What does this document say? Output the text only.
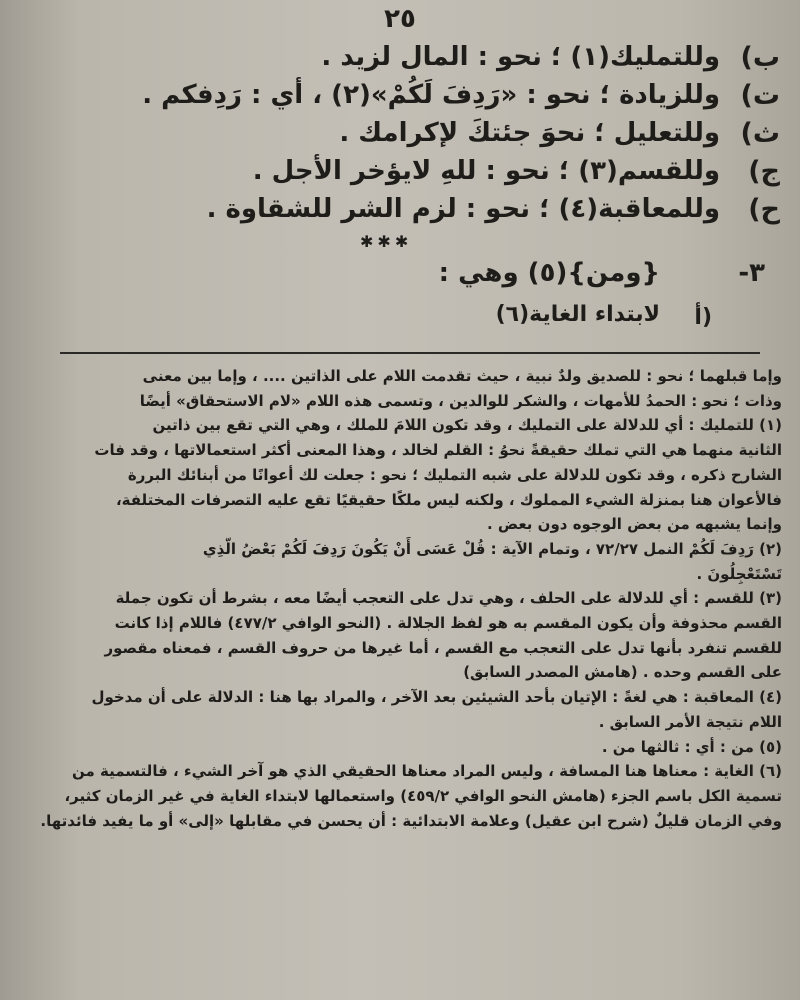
٢٥
ب)
وللتمليك(١) ؛ نحو : المال لزيد .
ت)
وللزيادة ؛ نحو : «رَدِفَ لَكُمْ»(٢) ، أي : رَدِفكم .
ث)
وللتعليل ؛ نحوَ جئتكَ لإكرامك .
ج)
وللقسم(٣) ؛ نحو : للهِ لايؤخر الأجل .
ح)
وللمعاقبة(٤) ؛ نحو : لزم الشر للشقاوة .
✱✱✱
-٣
{ومن}(٥) وهي :
أ)
لابتداء الغاية(٦)
وإما قبلهما ؛ نحو : للصديق ولدٌ نبية ، حيث تقدمت اللام على الذاتين .... ، وإما بين معنى
وذات ؛ نحو : الحمدُ للأمهات ، والشكر للوالدين ، وتسمى هذه اللام «لام الاستحقاق» أيضًا
(١) للتمليك : أي للدلالة على التمليك ، وقد تكون اللامَ للملك ، وهي التي تقع بين ذاتين
الثانية منهما هي التي تملك حقيقةً نحوُ : القلم لخالد ، وهذا المعنى أكثر استعمالاتها ، وقد فات
الشارح ذكره ، وقد تكون للدلالة على شبه التمليك ؛ نحو : جعلت لك أعوانًا من أبنائك البررة
فالأعوان هنا بمنزلة الشيء المملوك ، ولكنه ليس ملكًا حقيقيًا تقع عليه التصرفات المختلفة،
وإنما يشبهه من بعض الوجوه دون بعض .
(٢) رَدِفَ لَكُمْ النمل ٧٢/٢٧ ، وتمام الآية : قُلْ عَسَى أَنْ يَكُونَ رَدِفَ لَكُمْ بَعْضُ الَّذِي
تَسْتَعْجِلُونَ .
(٣) للقسم : أي للدلالة على الحلف ، وهي تدل على التعجب أيضًا معه ، بشرط أن تكون جملة
القسم محذوفة وأن يكون المقسم به هو لفظ الجلالة . (النحو الوافي ٤٧٧/٢) فاللام إذا كانت
للقسم تنفرد بأنها تدل على التعجب مع القسم ، أما غيرها من حروف القسم ، فمعناه مقصور
على القسم وحده . (هامش المصدر السابق)
(٤) المعاقبة : هي لغةً : الإتيان بأحد الشيئين بعد الآخر ، والمراد بها هنا : الدلالة على أن مدخول
اللام نتيجة الأمر السابق .
(٥) من : أي : ثالثها من .
(٦) الغاية : معناها هنا المسافة ، وليس المراد معناها الحقيقي الذي هو آخر الشيء ، فالتسمية من
تسمية الكل باسم الجزء (هامش النحو الوافي ٤٥٩/٢) واستعمالها لابتداء الغاية في غير الزمان كثير،
وفي الزمان قليلٌ (شرح ابن عقيل) وعلامة الابتدائية : أن يحسن في مقابلها «إلى» أو ما يفيد فائدتها.
